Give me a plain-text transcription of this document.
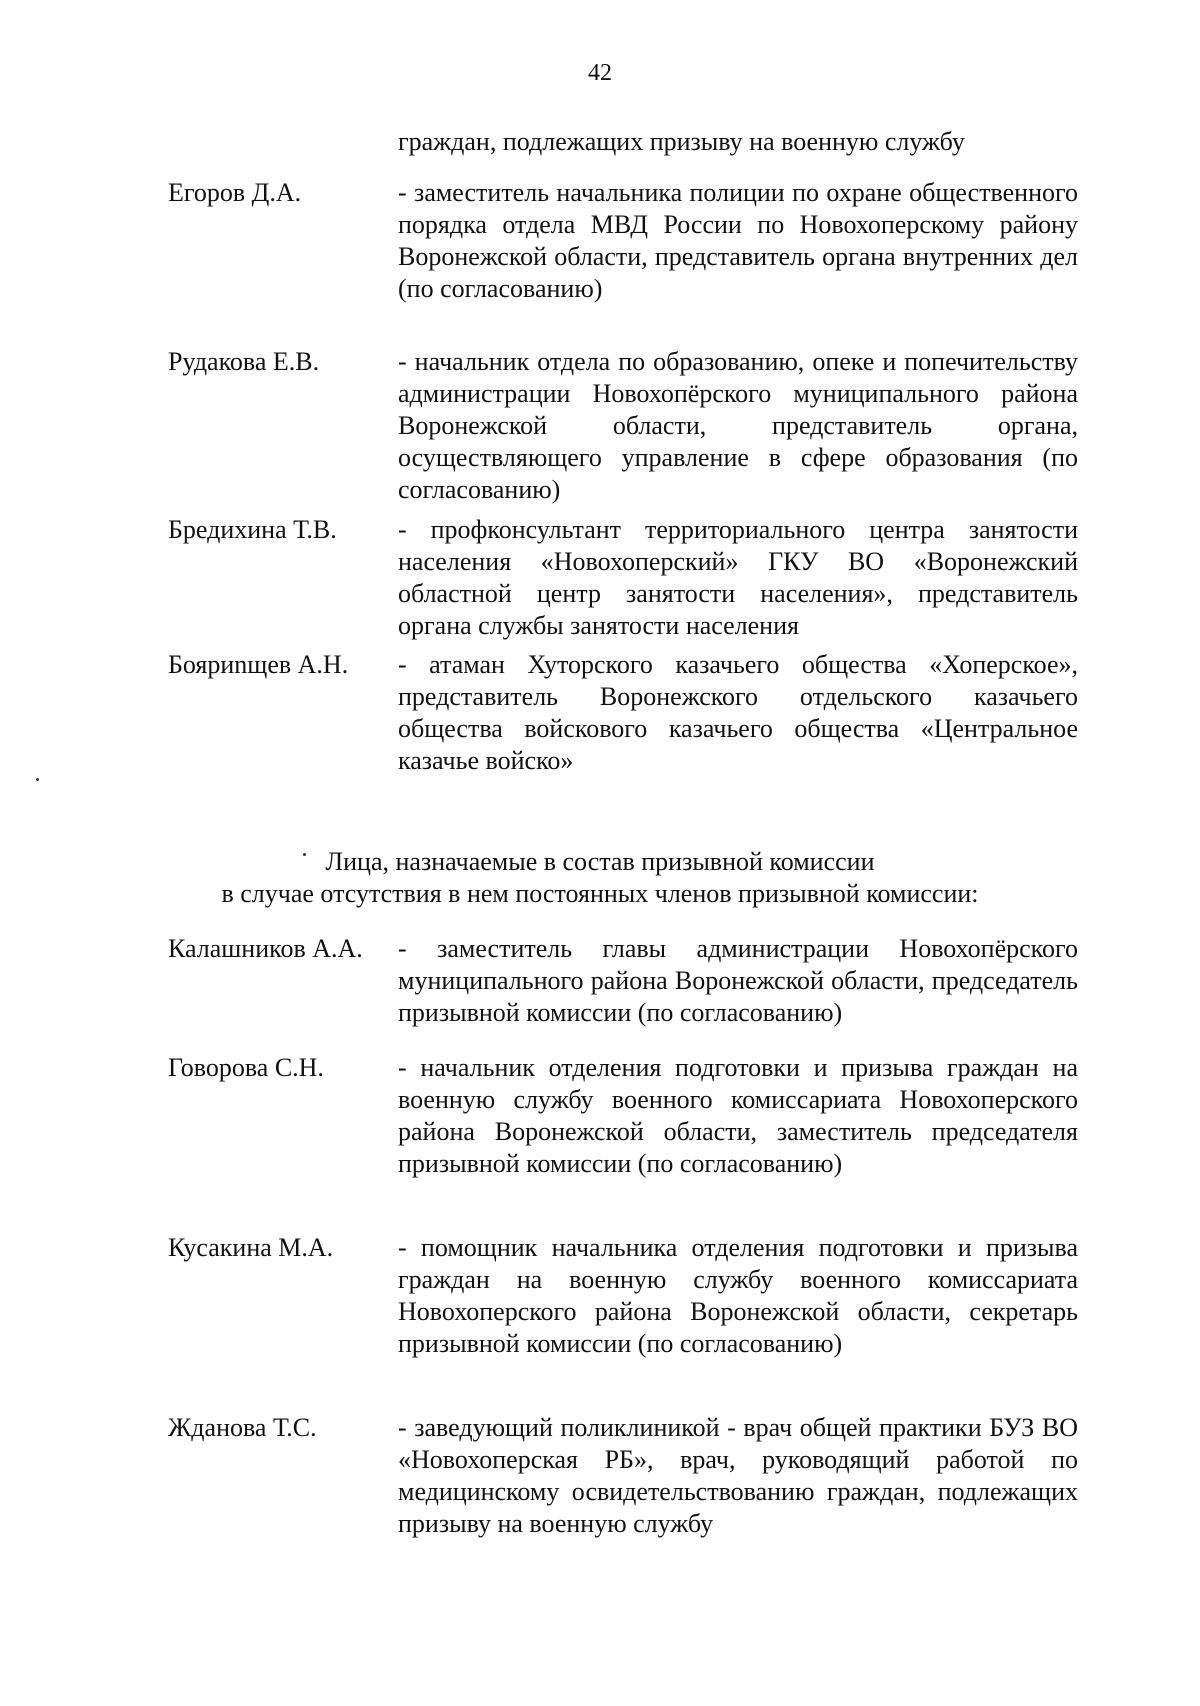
42
граждан, подлежащих призыву на военную службу
Егоров Д.А.	- заместитель начальника полиции по охране общественного порядка отдела МВД России по Новохоперскому району Воронежской области, представитель органа внутренних дел (по согласованию)
Рудакова Е.В.	- начальник отдела по образованию, опеке и попечительству администрации Новохопёрского муниципального района Воронежской области, представитель органа, осуществляющего управление в сфере образования (по согласованию)
Бредихина Т.В.	- профконсультант территориального центра занятости населения «Новохоперский» ГКУ ВО «Воронежский областной центр занятости населения», представитель органа службы занятости населения
Бояриnщев А.Н.	- атаман Хуторского казачьего общества «Хоперское», представитель Воронежского отдельского казачьего общества войскового казачьего общества «Центральное казачье войско»
Лица, назначаемые в состав призывной комиссии
в случае отсутствия в нем постоянных членов призывной комиссии:
Калашников А.А.	- заместитель главы администрации Новохопёрского муниципального района Воронежской области, председатель призывной комиссии (по согласованию)
Говорова С.Н.	- начальник отделения подготовки и призыва граждан на военную службу военного комиссариата Новохоперского района Воронежской области, заместитель председателя призывной комиссии (по согласованию)
Кусакина М.А.	- помощник начальника отделения подготовки и призыва граждан на военную службу военного комиссариата Новохоперского района Воронежской области, секретарь призывной комиссии (по согласованию)
Жданова Т.С.	- заведующий поликлиникой - врач общей практики БУЗ ВО «Новохоперская РБ», врач, руководящий работой по медицинскому освидетельствованию граждан, подлежащих призыву на военную службу
